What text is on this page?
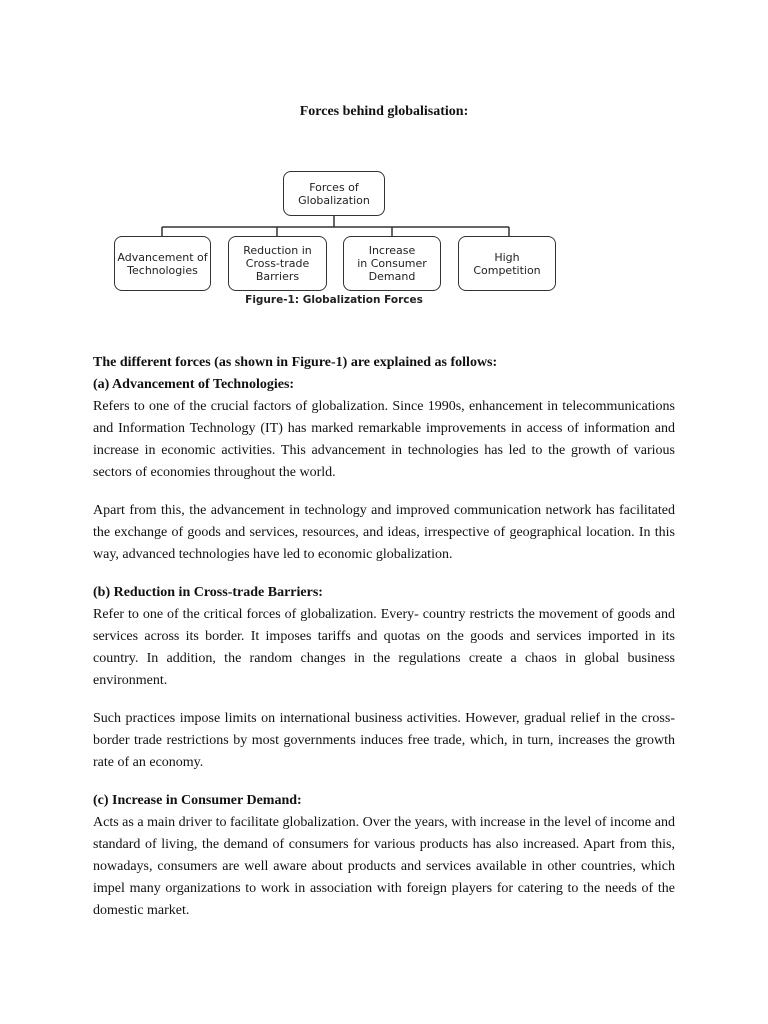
Forces behind globalisation:
Forces of
Globalization
Advancement of
Technologies
Reduction in
Cross-trade
Barriers
Increase
in Consumer
Demand
High
Competition
Figure-1: Globalization Forces
The different forces (as shown in Figure-1) are explained as follows:
(a) Advancement of Technologies:

Refers to one of the crucial factors of globalization. Since 1990s, enhancement in telecommunications and Information Technology (IT) has marked remarkable improvements in access of information and increase in economic activities. This advancement in technologies has led to the growth of various sectors of economies throughout the world.

Apart from this, the advancement in technology and improved communication network has facilitated the exchange of goods and services, resources, and ideas, irrespective of geographical location. In this way, advanced technologies have led to economic globalization.

(b) Reduction in Cross-trade Barriers:

Refer to one of the critical forces of globalization. Every- country restricts the movement of goods and services across its border. It imposes tariffs and quotas on the goods and services imported in its country. In addition, the random changes in the regulations create a chaos in global business environment.

Such practices impose limits on international business activities. However, gradual relief in the cross-border trade restrictions by most governments induces free trade, which, in turn, increases the growth rate of an economy.

(c) Increase in Consumer Demand:

Acts as a main driver to facilitate globalization. Over the years, with increase in the level of income and standard of living, the demand of consumers for various products has also increased. Apart from this, nowadays, consumers are well aware about products and services available in other countries, which impel many organizations to work in association with foreign players for catering to the needs of the domestic market.
